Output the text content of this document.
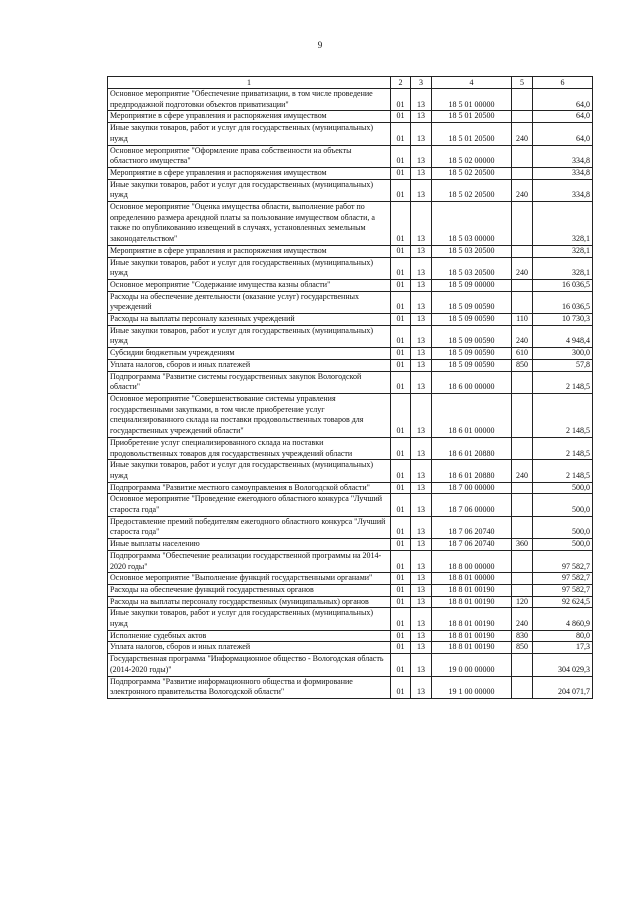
9
1	2	3	4	5	6
Основное мероприятие "Обеспечение приватизации, в том числе проведение предпродажной подготовки объектов приватизации"	01	13	18 5 01 00000		64,0
Мероприятие в сфере управления и распоряжения имуществом	01	13	18 5 01 20500		64,0
Иные закупки товаров, работ и услуг для государственных (муниципальных) нужд	01	13	18 5 01 20500	240	64,0
Основное мероприятие "Оформление права собственности на объекты областного имущества"	01	13	18 5 02 00000		334,8
Мероприятие в сфере управления и распоряжения имуществом	01	13	18 5 02 20500		334,8
Иные закупки товаров, работ и услуг для государственных (муниципальных) нужд	01	13	18 5 02 20500	240	334,8
Основное мероприятие "Оценка имущества области, выполнение работ по определению размера арендной платы за пользование имуществом области, а также по опубликованию извещений в случаях, установленных земельным законодательством"	01	13	18 5 03 00000		328,1
Мероприятие в сфере управления и распоряжения имуществом	01	13	18 5 03 20500		328,1
Иные закупки товаров, работ и услуг для государственных (муниципальных) нужд	01	13	18 5 03 20500	240	328,1
Основное мероприятие "Содержание имущества казны области"	01	13	18 5 09 00000		16 036,5
Расходы на обеспечение деятельности (оказание услуг) государственных учреждений	01	13	18 5 09 00590		16 036,5
Расходы на выплаты персоналу казенных учреждений	01	13	18 5 09 00590	110	10 730,3
Иные закупки товаров, работ и услуг для государственных (муниципальных) нужд	01	13	18 5 09 00590	240	4 948,4
Субсидии бюджетным учреждениям	01	13	18 5 09 00590	610	300,0
Уплата налогов, сборов и иных платежей	01	13	18 5 09 00590	850	57,8
Подпрограмма "Развитие системы государственных закупок Вологодской области"	01	13	18 6 00 00000		2 148,5
Основное мероприятие "Совершенствование системы управления государственными закупками, в том числе приобретение услуг специализированного склада на поставки продовольственных товаров для государственных учреждений области"	01	13	18 6 01 00000		2 148,5
Приобретение услуг специализированного склада на поставки продовольственных товаров для государственных учреждений области	01	13	18 6 01 20880		2 148,5
Иные закупки товаров, работ и услуг для государственных (муниципальных) нужд	01	13	18 6 01 20880	240	2 148,5
Подпрограмма "Развитие местного самоуправления в Вологодской области"	01	13	18 7 00 00000		500,0
Основное мероприятие "Проведение ежегодного областного конкурса "Лучший староста года"	01	13	18 7 06 00000		500,0
Предоставление премий победителям ежегодного областного конкурса "Лучший староста года"	01	13	18 7 06 20740		500,0
Иные выплаты населению	01	13	18 7 06 20740	360	500,0
Подпрограмма "Обеспечение реализации государственной программы на 2014-2020 годы"	01	13	18 8 00 00000		97 582,7
Основное мероприятие "Выполнение функций государственными органами"	01	13	18 8 01 00000		97 582,7
Расходы на обеспечение функций государственных органов	01	13	18 8 01 00190		97 582,7
Расходы на выплаты персоналу государственных (муниципальных) органов	01	13	18 8 01 00190	120	92 624,5
Иные закупки товаров, работ и услуг для государственных (муниципальных) нужд	01	13	18 8 01 00190	240	4 860,9
Исполнение судебных актов	01	13	18 8 01 00190	830	80,0
Уплата налогов, сборов и иных платежей	01	13	18 8 01 00190	850	17,3
Государственная программа "Информационное общество - Вологодская область (2014-2020 годы)"	01	13	19 0 00 00000		304 029,3
Подпрограмма "Развитие информационного общества и формирование электронного правительства Вологодской области"	01	13	19 1 00 00000		204 071,7
